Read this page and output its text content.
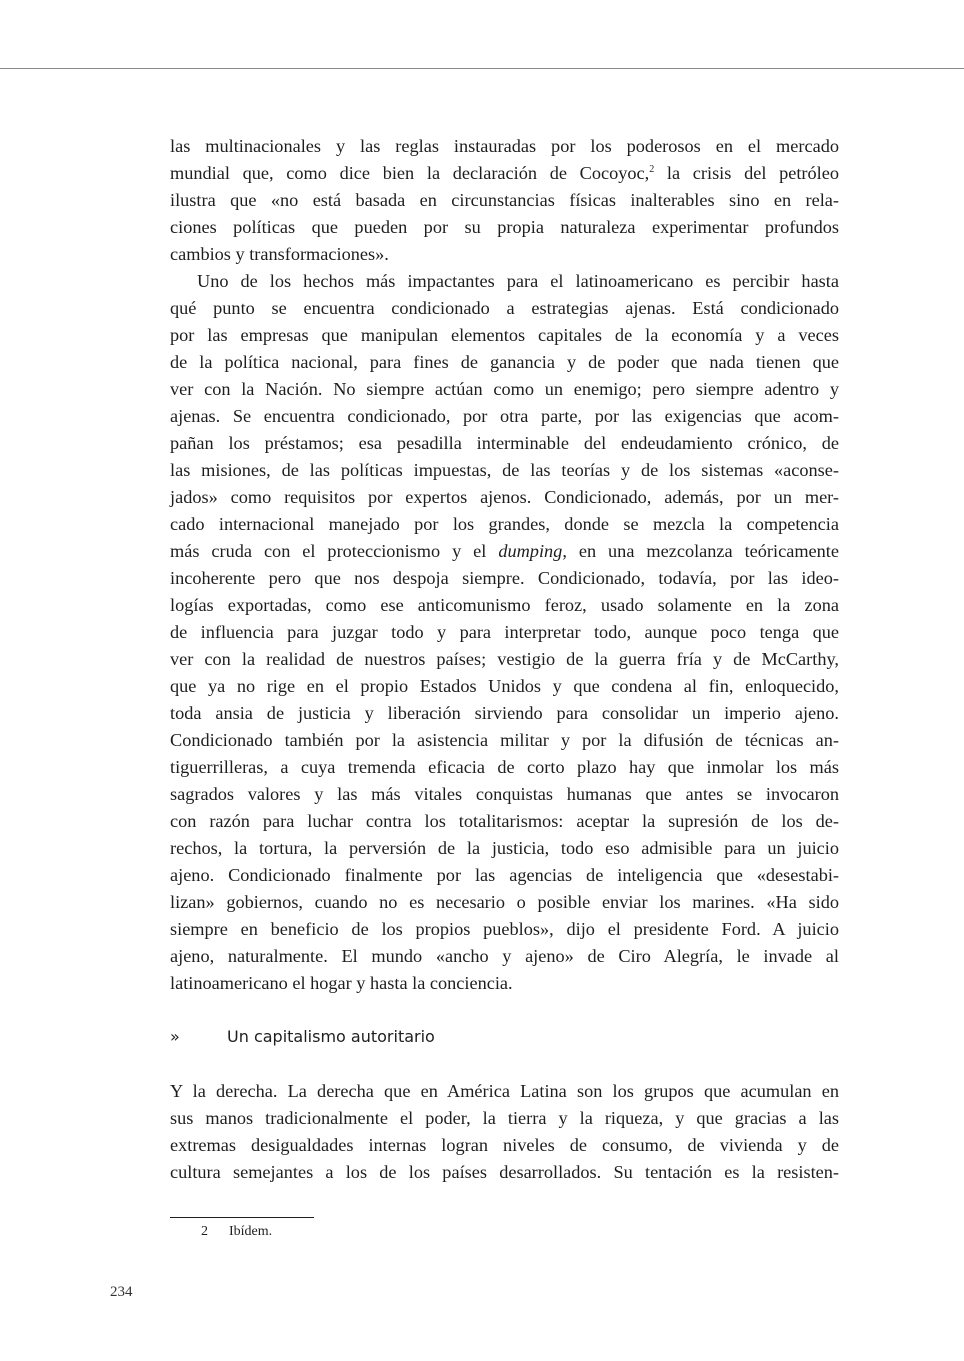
las multinacionales y las reglas instauradas por los poderosos en el mercado
mundial que, como dice bien la declaración de Cocoyoc,$^2$ la crisis del petróleo
ilustra que «no está basada en circunstancias físicas inalterables sino en rela-
ciones políticas que pueden por su propia naturaleza experimentar profundos
cambios y transformaciones».
Uno de los hechos más impactantes para el latinoamericano es percibir hasta
qué punto se encuentra condicionado a estrategias ajenas. Está condicionado
por las empresas que manipulan elementos capitales de la economía y a veces
de la política nacional, para fines de ganancia y de poder que nada tienen que
ver con la Nación. No siempre actúan como un enemigo; pero siempre adentro y
ajenas. Se encuentra condicionado, por otra parte, por las exigencias que acom-
pañan los préstamos; esa pesadilla interminable del endeudamiento crónico, de
las misiones, de las políticas impuestas, de las teorías y de los sistemas «aconse-
jados» como requisitos por expertos ajenos. Condicionado, además, por un mer-
cado internacional manejado por los grandes, donde se mezcla la competencia
más cruda con el proteccionismo y el dumping, en una mezcolanza teóricamente
incoherente pero que nos despoja siempre. Condicionado, todavía, por las ideo-
logías exportadas, como ese anticomunismo feroz, usado solamente en la zona
de influencia para juzgar todo y para interpretar todo, aunque poco tenga que
ver con la realidad de nuestros países; vestigio de la guerra fría y de McCarthy,
que ya no rige en el propio Estados Unidos y que condena al fin, enloquecido,
toda ansia de justicia y liberación sirviendo para consolidar un imperio ajeno.
Condicionado también por la asistencia militar y por la difusión de técnicas an-
tiguerrilleras, a cuya tremenda eficacia de corto plazo hay que inmolar los más
sagrados valores y las más vitales conquistas humanas que antes se invocaron
con razón para luchar contra los totalitarismos: aceptar la supresión de los de-
rechos, la tortura, la perversión de la justicia, todo eso admisible para un juicio
ajeno. Condicionado finalmente por las agencias de inteligencia que «desestabi-
lizan» gobiernos, cuando no es necesario o posible enviar los marines. «Ha sido
siempre en beneficio de los propios pueblos», dijo el presidente Ford. A juicio
ajeno, naturalmente. El mundo «ancho y ajeno» de Ciro Alegría, le invade al
latinoamericano el hogar y hasta la conciencia.
»	Un capitalismo autoritario
Y la derecha. La derecha que en América Latina son los grupos que acumulan en
sus manos tradicionalmente el poder, la tierra y la riqueza, y que gracias a las
extremas desigualdades internas logran niveles de consumo, de vivienda y de
cultura semejantes a los de los países desarrollados. Su tentación es la resisten-
2 Ibídem.
234
